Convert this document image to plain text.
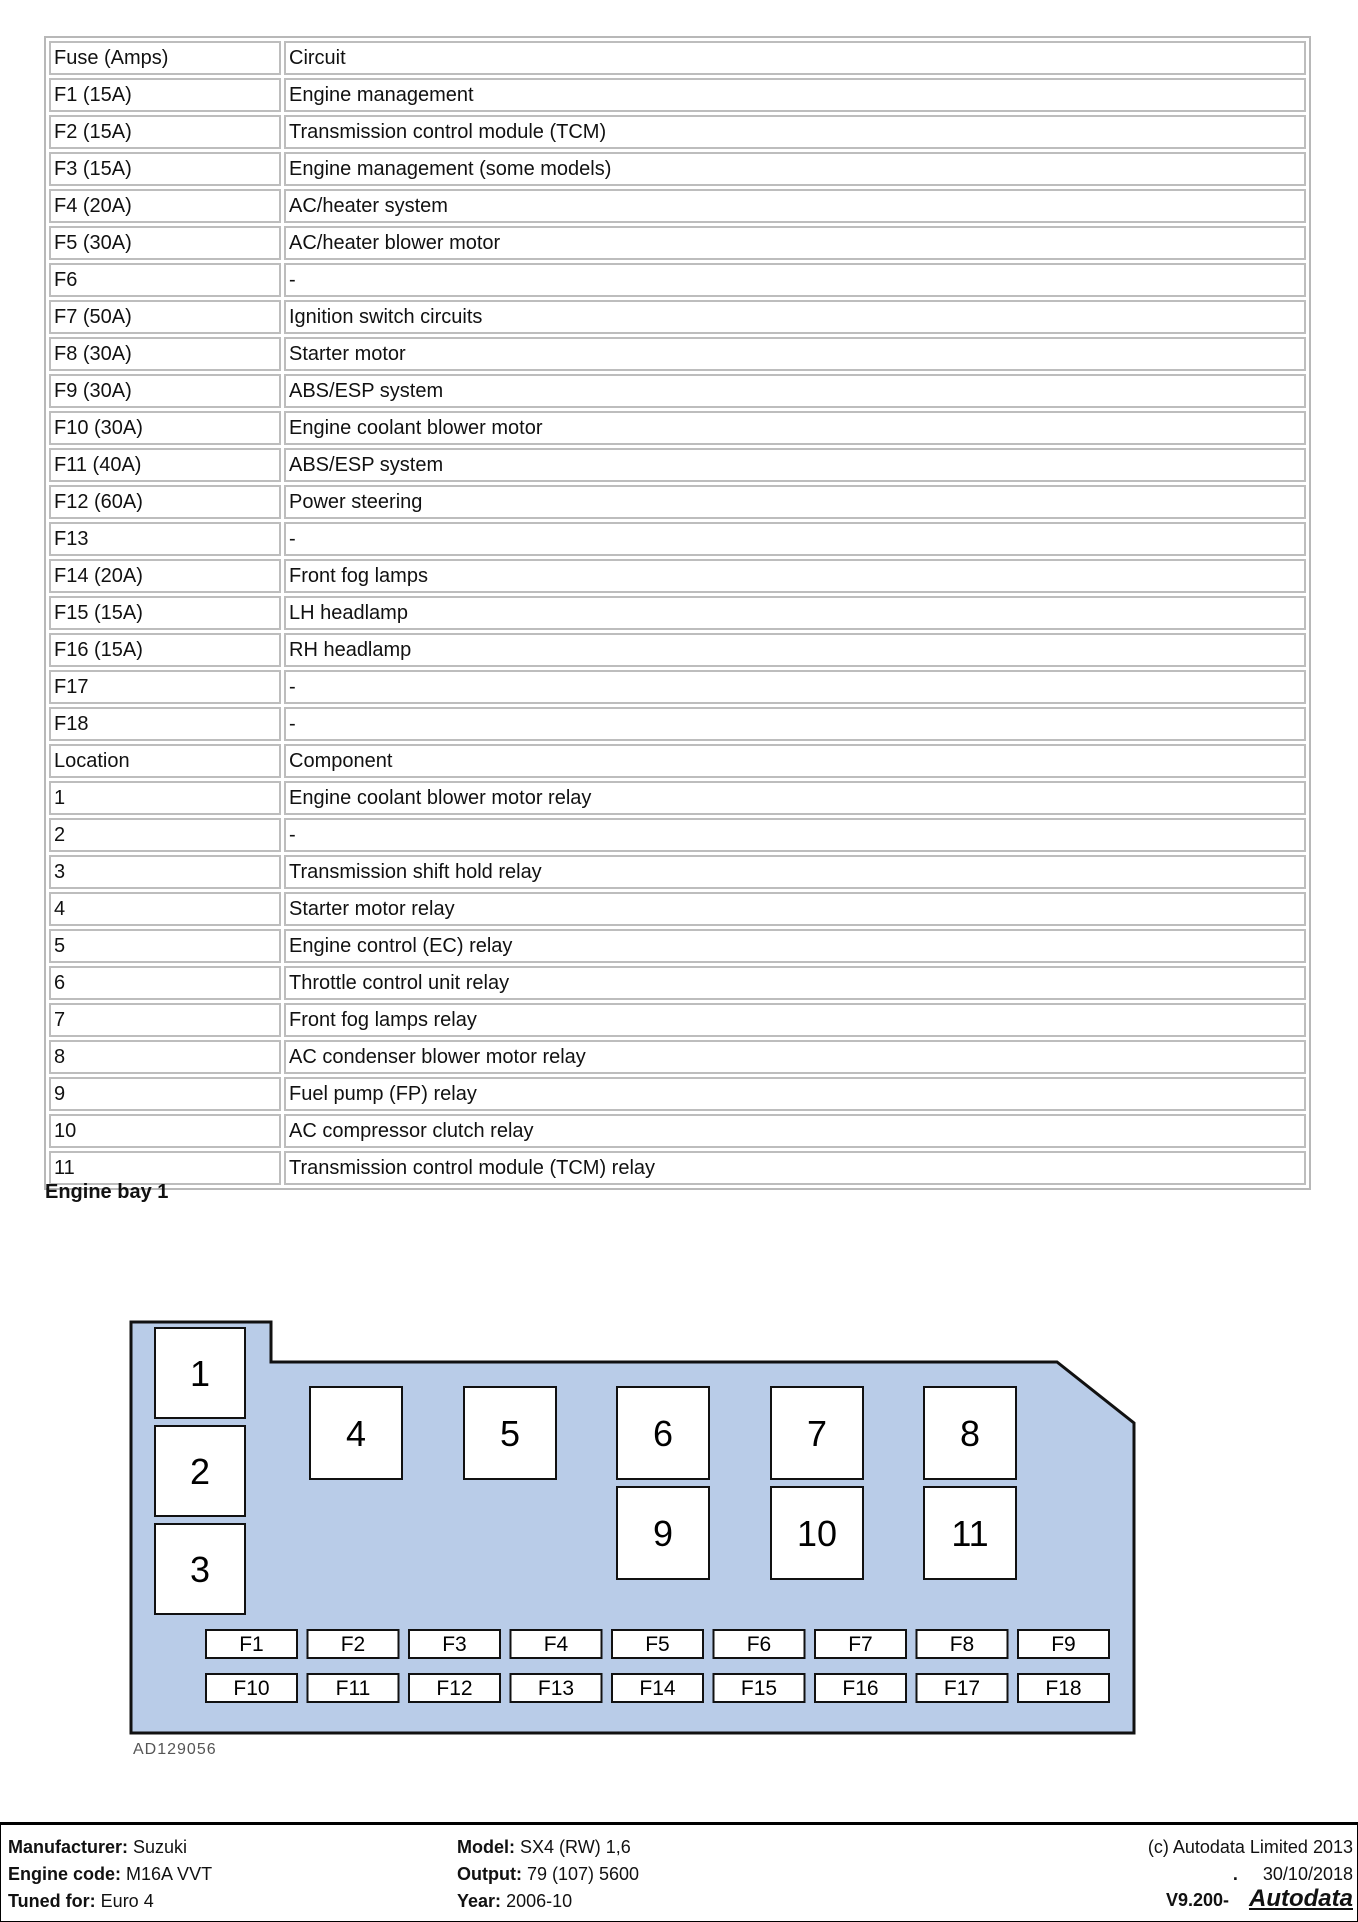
Fuse (Amps)	Circuit
F1 (15A)	Engine management
F2 (15A)	Transmission control module (TCM)
F3 (15A)	Engine management (some models)
F4 (20A)	AC/heater system
F5 (30A)	AC/heater blower motor
F6	-
F7 (50A)	Ignition switch circuits
F8 (30A)	Starter motor
F9 (30A)	ABS/ESP system
F10 (30A)	Engine coolant blower motor
F11 (40A)	ABS/ESP system
F12 (60A)	Power steering
F13	-
F14 (20A)	Front fog lamps
F15 (15A)	LH headlamp
F16 (15A)	RH headlamp
F17	-
F18	-
Location	Component
1	Engine coolant blower motor relay
2	-
3	Transmission shift hold relay
4	Starter motor relay
5	Engine control (EC) relay
6	Throttle control unit relay
7	Front fog lamps relay
8	AC condenser blower motor relay
9	Fuel pump (FP) relay
10	AC compressor clutch relay
11	Transmission control module (TCM) relay
Engine bay 1
1
2
3
4	5	6	7	8
9	10	11
F1	F2	F3	F4	F5	F6	F7	F8	F9
F10	F11	F12	F13	F14	F15	F16	F17	F18
AD129056
Manufacturer: Suzuki
Engine code: M16A VVT
Tuned for: Euro 4
Model: SX4 (RW) 1,6
Output: 79 (107) 5600
Year: 2006-10
(c) Autodata Limited 2013
. 30/10/2018
V9.200- Autodata
